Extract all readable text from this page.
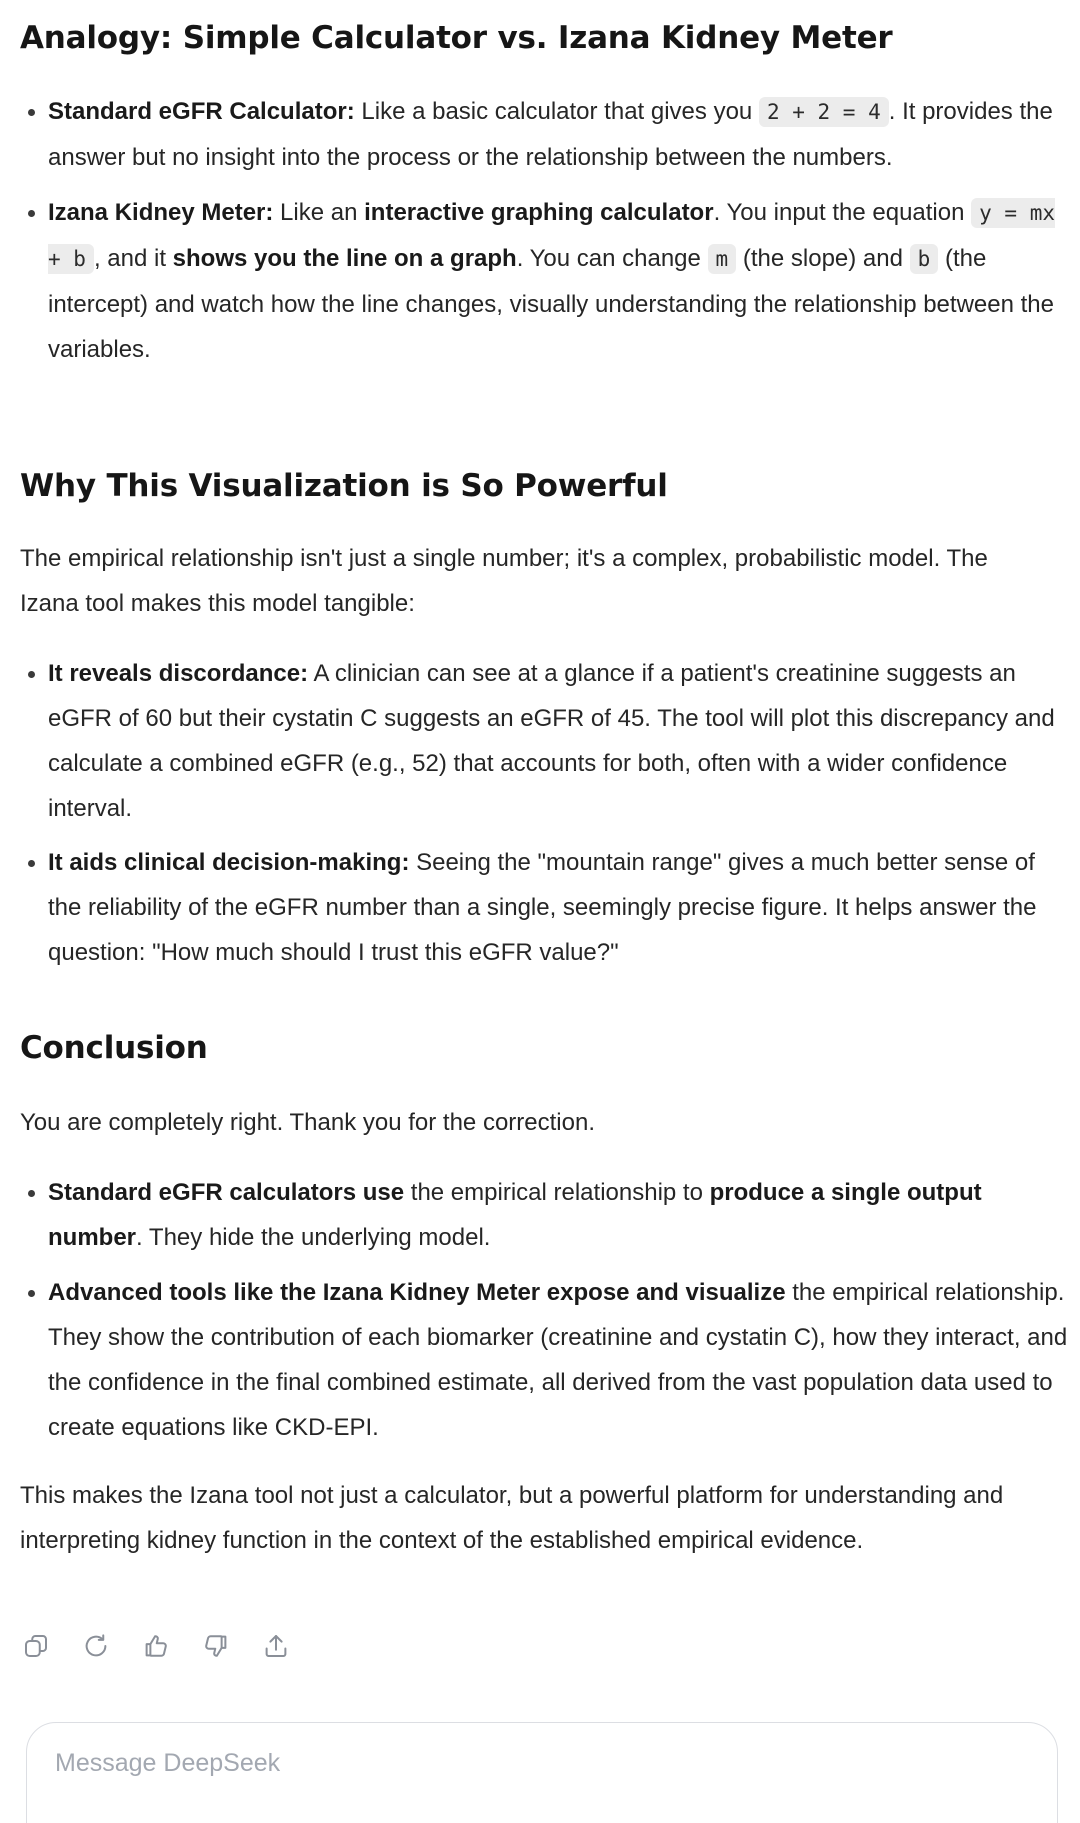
Analogy: Simple Calculator vs. Izana Kidney Meter
Standard eGFR Calculator: Like a basic calculator that gives you 2 + 2 = 4 . It provides the answer but no insight into the process or the relationship between the numbers.
Izana Kidney Meter: Like an interactive graphing calculator. You input the equation y = mx + b , and it shows you the line on a graph. You can change m (the slope) and b (the intercept) and watch how the line changes, visually understanding the relationship between the variables.
Why This Visualization is So Powerful

The empirical relationship isn't just a single number; it's a complex, probabilistic model. The Izana tool makes this model tangible:

It reveals discordance: A clinician can see at a glance if a patient's creatinine suggests an eGFR of 60 but their cystatin C suggests an eGFR of 45. The tool will plot this discrepancy and calculate a combined eGFR (e.g., 52) that accounts for both, often with a wider confidence interval.
It aids clinical decision-making: Seeing the "mountain range" gives a much better sense of the reliability of the eGFR number than a single, seemingly precise figure. It helps answer the question: "How much should I trust this eGFR value?"
Conclusion

You are completely right. Thank you for the correction.

Standard eGFR calculators use the empirical relationship to produce a single output number. They hide the underlying model.
Advanced tools like the Izana Kidney Meter expose and visualize the empirical relationship. They show the contribution of each biomarker (creatinine and cystatin C), how they interact, and the confidence in the final combined estimate, all derived from the vast population data used to create equations like CKD-EPI.

This makes the Izana tool not just a calculator, but a powerful platform for understanding and interpreting kidney function in the context of the established empirical evidence.

Message DeepSeek
